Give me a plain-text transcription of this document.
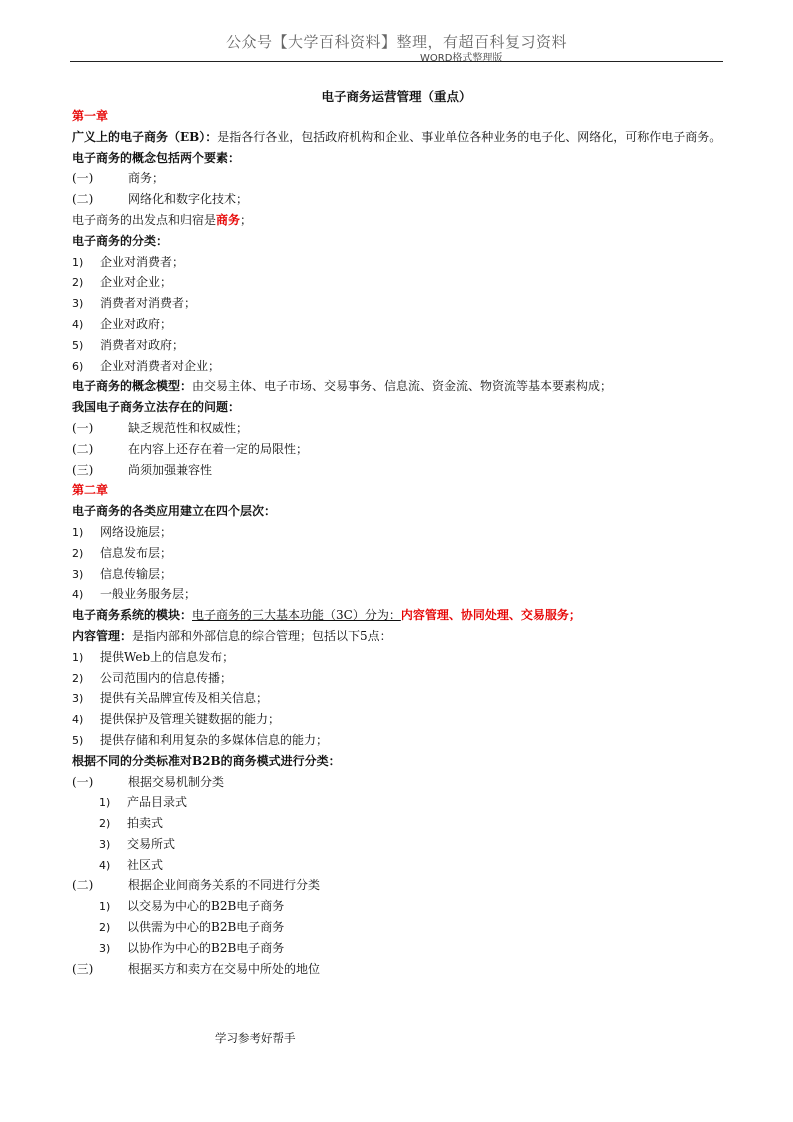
公众号【大学百科资料】整理，有超百科复习资料
WORD格式整理版
电子商务运营管理（重点）
第一章
广义上的电子商务（EB）：是指各行各业，包括政府机构和企业、事业单位各种业务的电子化、网络化，可称作电子商务。
电子商务的概念包括两个要素：
(一)	商务；
(二)	网络化和数字化技术；
电子商务的出发点和归宿是商务；
电子商务的分类：
1) 企业对消费者；
2) 企业对企业；
3) 消费者对消费者；
4) 企业对政府；
5) 消费者对政府；
6) 企业对消费者对企业；
电子商务的概念模型：由交易主体、电子市场、交易事务、信息流、资金流、物资流等基本要素构成；
我国电子商务立法存在的问题：
(一)	缺乏规范性和权威性；
(二)	在内容上还存在着一定的局限性；
(三)	尚须加强兼容性
第二章
电子商务的各类应用建立在四个层次：
1) 网络设施层；
2) 信息发布层；
3) 信息传输层；
4) 一般业务服务层；
电子商务系统的模块：电子商务的三大基本功能（3C）分为：内容管理、协同处理、交易服务；
内容管理：是指内部和外部信息的综合管理；包括以下5点：
1) 提供Web上的信息发布；
2) 公司范围内的信息传播；
3) 提供有关品牌宣传及相关信息；
4) 提供保护及管理关键数据的能力；
5) 提供存储和利用复杂的多媒体信息的能力；
根据不同的分类标准对B2B的商务模式进行分类：
(一)	根据交易机制分类
1) 产品目录式
2) 拍卖式
3) 交易所式
4) 社区式
(二)	根据企业间商务关系的不同进行分类
1) 以交易为中心的B2B电子商务
2) 以供需为中心的B2B电子商务
3) 以协作为中心的B2B电子商务
(三)	根据买方和卖方在交易中所处的地位
学习参考好帮手
